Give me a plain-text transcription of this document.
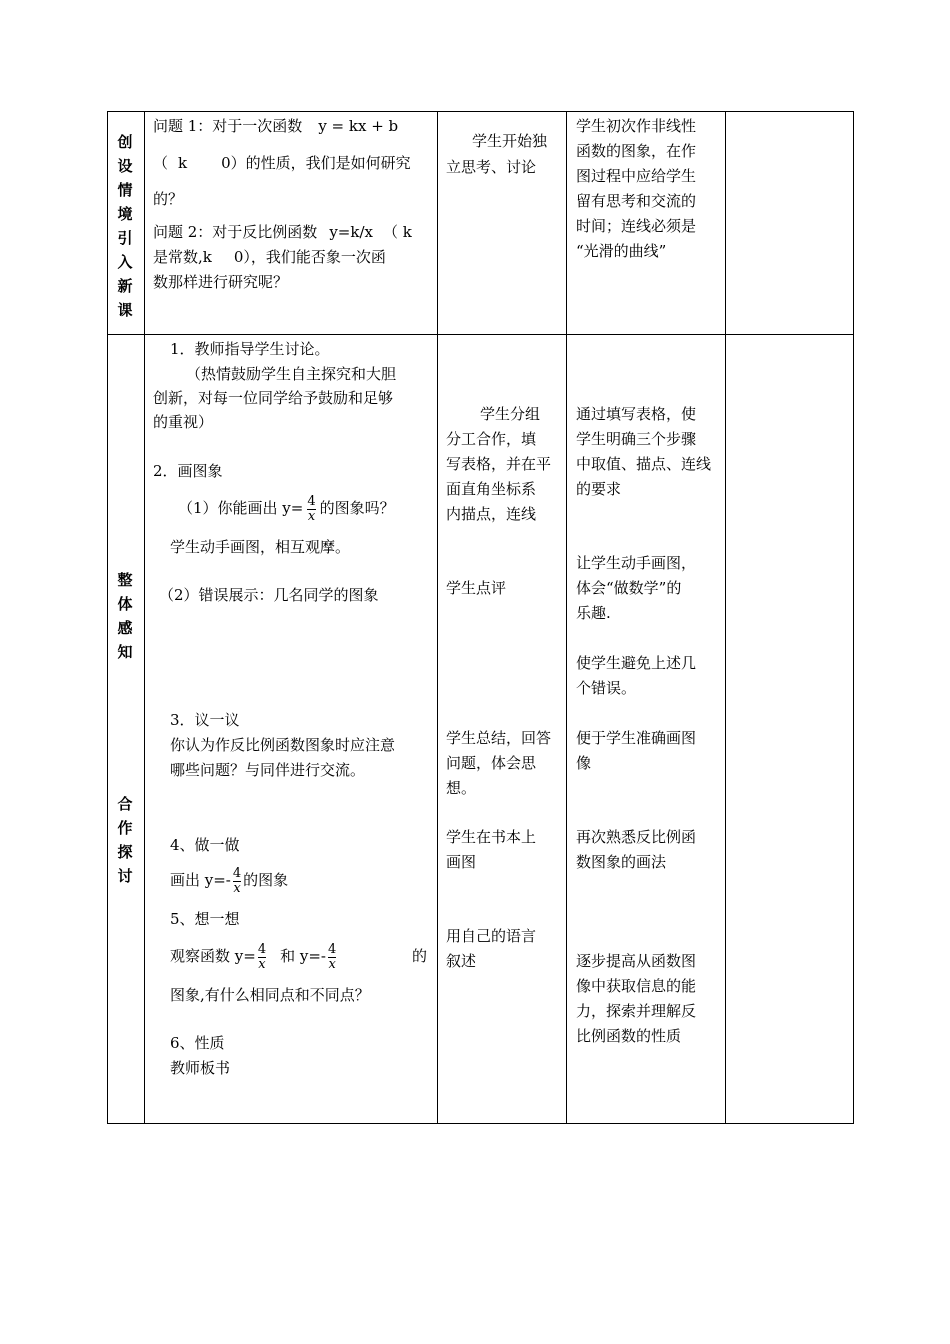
创
设
情
境
引
入
新
课
整
体
感
知
合
作
探
讨
问题 1：对于一次函数 y = kx + b
（ k 0）的性质，我们是如何研究
的？
问题 2：对于反比例函数 y=k/x （ k
是常数,k 0），我们能否象一次函
数那样进行研究呢？
学生开始独立思考、讨论
学生初次作非线性
函数的图象，在作
图过程中应给学生
留有思考和交流的
时间；连线必须是
“光滑的曲线”
1．教师指导学生讨论。
（热情鼓励学生自主探究和大胆
创新，对每一位同学给予鼓励和足够
的重视）
2．画图象
（1）你能画出 $y= \frac{4}{x}$ 的图象吗？
学生动手画图，相互观摩。
（2）错误展示：几名同学的图象
3．议一议
你认为作反比例函数图象时应注意
哪些问题？与同伴进行交流。
4、做一做
画出 $y=- \frac{4}{x}$ 的图象
5、想一想
观察函数 $y= \frac{4}{x}$ 和 $y=- \frac{4}{x}$	的
图象,有什么相同点和不同点？
6、性质
教师板书
学生分组
分工合作，填
写表格，并在平
面直角坐标系
内描点，连线
学生点评
学生总结，回答
问题，体会思
想。
学生在书本上
画图
用自己的语言
叙述
通过填写表格，使
学生明确三个步骤
中取值、描点、连线
的要求
让学生动手画图，
体会“做数学”的
乐趣.
使学生避免上述几
个错误。
便于学生准确画图
像
再次熟悉反比例函
数图象的画法
逐步提高从函数图
像中获取信息的能
力，探索并理解反
比例函数的性质
